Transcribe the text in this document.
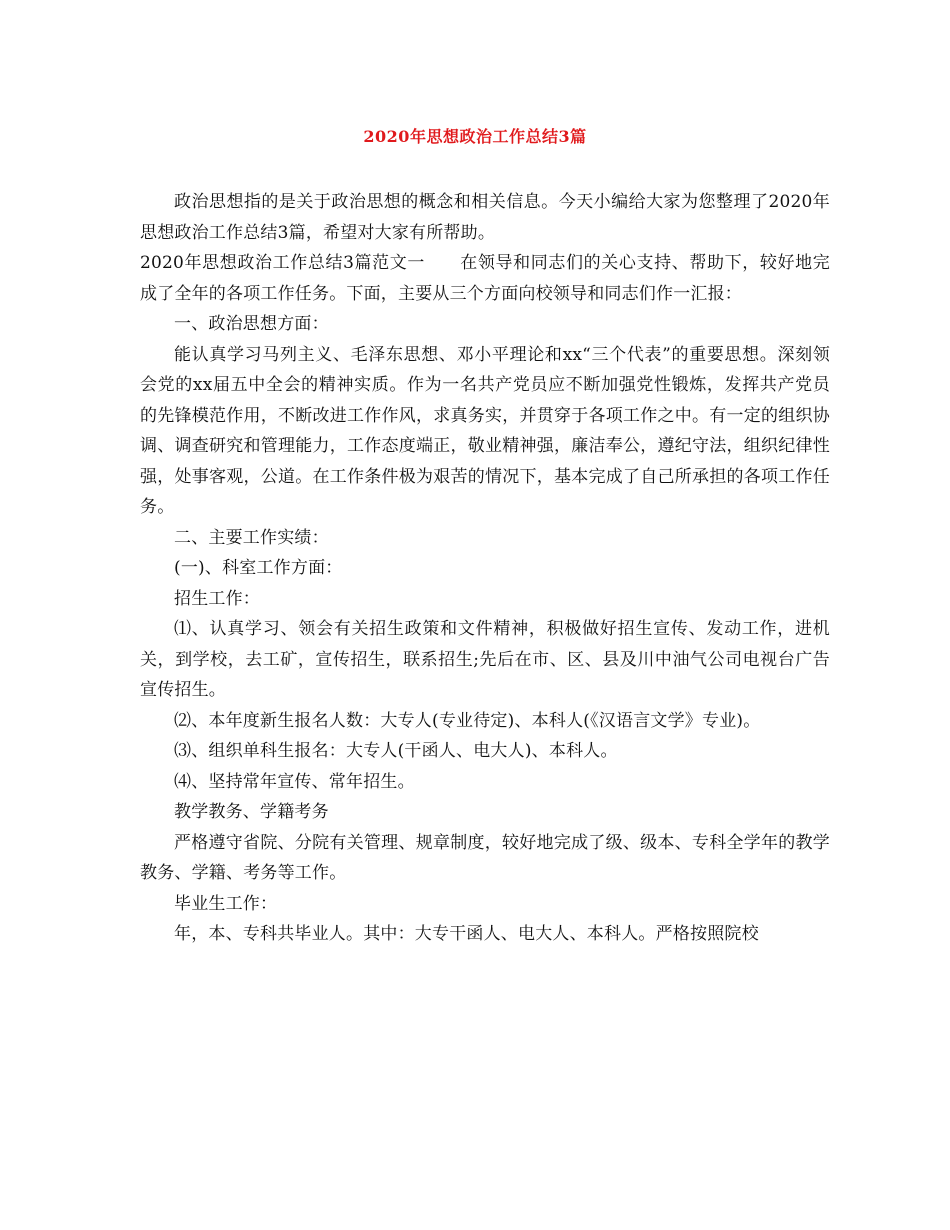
2020年思想政治工作总结3篇

政治思想指的是关于政治思想的概念和相关信息。今天小编给大家为您整理了2020年思想政治工作总结3篇，希望对大家有所帮助。

2020年思想政治工作总结3篇范文一　　在领导和同志们的关心支持、帮助下，较好地完成了全年的各项工作任务。下面，主要从三个方面向校领导和同志们作一汇报：

一、政治思想方面：

能认真学习马列主义、毛泽东思想、邓小平理论和xx“三个代表”的重要思想。深刻领会党的xx届五中全会的精神实质。作为一名共产党员应不断加强党性锻炼，发挥共产党员的先锋模范作用，不断改进工作作风，求真务实，并贯穿于各项工作之中。有一定的组织协调、调查研究和管理能力，工作态度端正，敬业精神强，廉洁奉公，遵纪守法，组织纪律性强，处事客观，公道。在工作条件极为艰苦的情况下，基本完成了自己所承担的各项工作任务。

二、主要工作实绩：

(一)、科室工作方面：

招生工作：

⑴、认真学习、领会有关招生政策和文件精神，积极做好招生宣传、发动工作，进机关，到学校，去工矿，宣传招生，联系招生;先后在市、区、县及川中油气公司电视台广告宣传招生。

⑵、本年度新生报名人数：大专人(专业待定)、本科人(《汉语言文学》专业)。

⑶、组织单科生报名：大专人(干函人、电大人)、本科人。

⑷、坚持常年宣传、常年招生。

教学教务、学籍考务

严格遵守省院、分院有关管理、规章制度，较好地完成了级、级本、专科全学年的教学教务、学籍、考务等工作。

毕业生工作：

年，本、专科共毕业人。其中：大专干函人、电大人、本科人。严格按照院校
